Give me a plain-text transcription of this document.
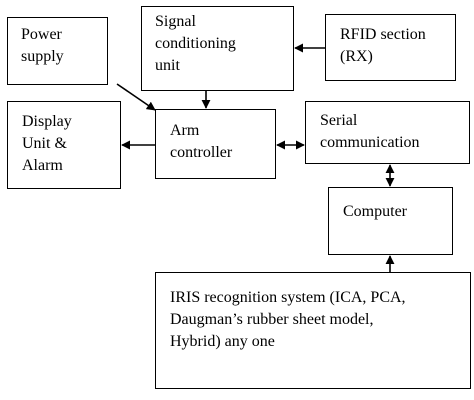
Power
supply
Signal
conditioning
unit
RFID section
(RX)
Display
Unit &
Alarm
Arm
controller
Serial
communication
Computer
IRIS recognition system (ICA, PCA,
Daugman’s rubber sheet model,
Hybrid) any one
